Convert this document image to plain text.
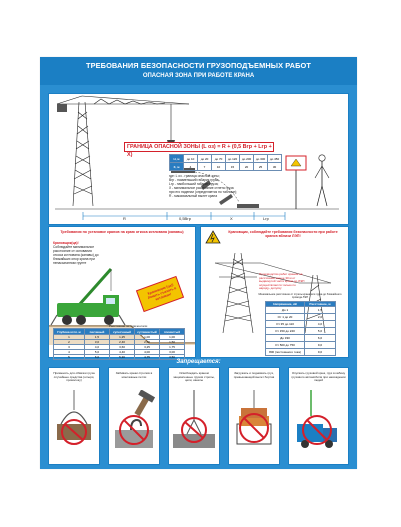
ТРЕБОВАНИЯ БЕЗОПАСНОСТИ ГРУЗОПОДЪЕМНЫХ РАБОТ
ОПАСНАЯ ЗОНА ПРИ РАБОТЕ КРАНА
ГРАНИЦА ОПАСНОЙ ЗОНЫ (L оз) = R + (0,5 Bгр + Lгр + X)
Н, м	до 10	до 20	до 70	до 120	до 200	до 300	до 450
Х, м	4	7	10	15	20	25	30
где: L оз - граница опасной зоны;
Bгр - наименьший габарит груза;
Lгр - наибольший габарит груза;
Х - минимальное расстояние отлета груза
при его падении (определяется по таблице);
R - максимальный вылет крана
R	0,5Bгр	X	Lгр
Требования по установке кранов на краю откоса котлована (канавы)
Крановщик(ца)!
Соблюдайте минимальное
расстояние от основания
откоса котлована (канавы) до
ближайших опор крана при
ненасыпанном грунте
Крановщик (ца)! Ломать съехать в котлован!
Расстояние по горизонтали
Глубина котл. м	песчаный	супесчаный	суглинистый	глинистый
1	1,5	1,25	1,00	1,00
2	3,0	2,40	2,00	1,50
3	4,0	3,60	3,25	1,75
4	5,0	4,40	4,00	3,00
5	6,0	5,30	4,75	3,50
Крановщик, соблюдайте требования безопасности при работе кранов вблизи ЛЭП!
Производство работ краном на
расстоянии менее 30 м от
выдвинутой части крана до ЛЭП
осуществляется только по
наряду- допуску
Минимальное расстояние от стрелы крана или груза до ближайшего провода ЛЭП
Напряжение, кВ	Расстояние, м
До 1	1,5
От 1 до 20	2,0
От 35 до 110	4,0
От 150 до 220	5,0
До 330	6,0
От 500 до 750	9,0
800 (постоянного тока)	9,0
Запрещается:
Применять для обвязки груза случайные средства (штыри, проволоку)
Забивать крюки стропов в монтажные петли
Освобождать краном защемленные грузом стропы, цепи, канаты
Загружать и поднимать груз, превышающий вылет бортов
Опускать грузовой крюк, груз в кабину грузового автомобиля при нахождении людей
